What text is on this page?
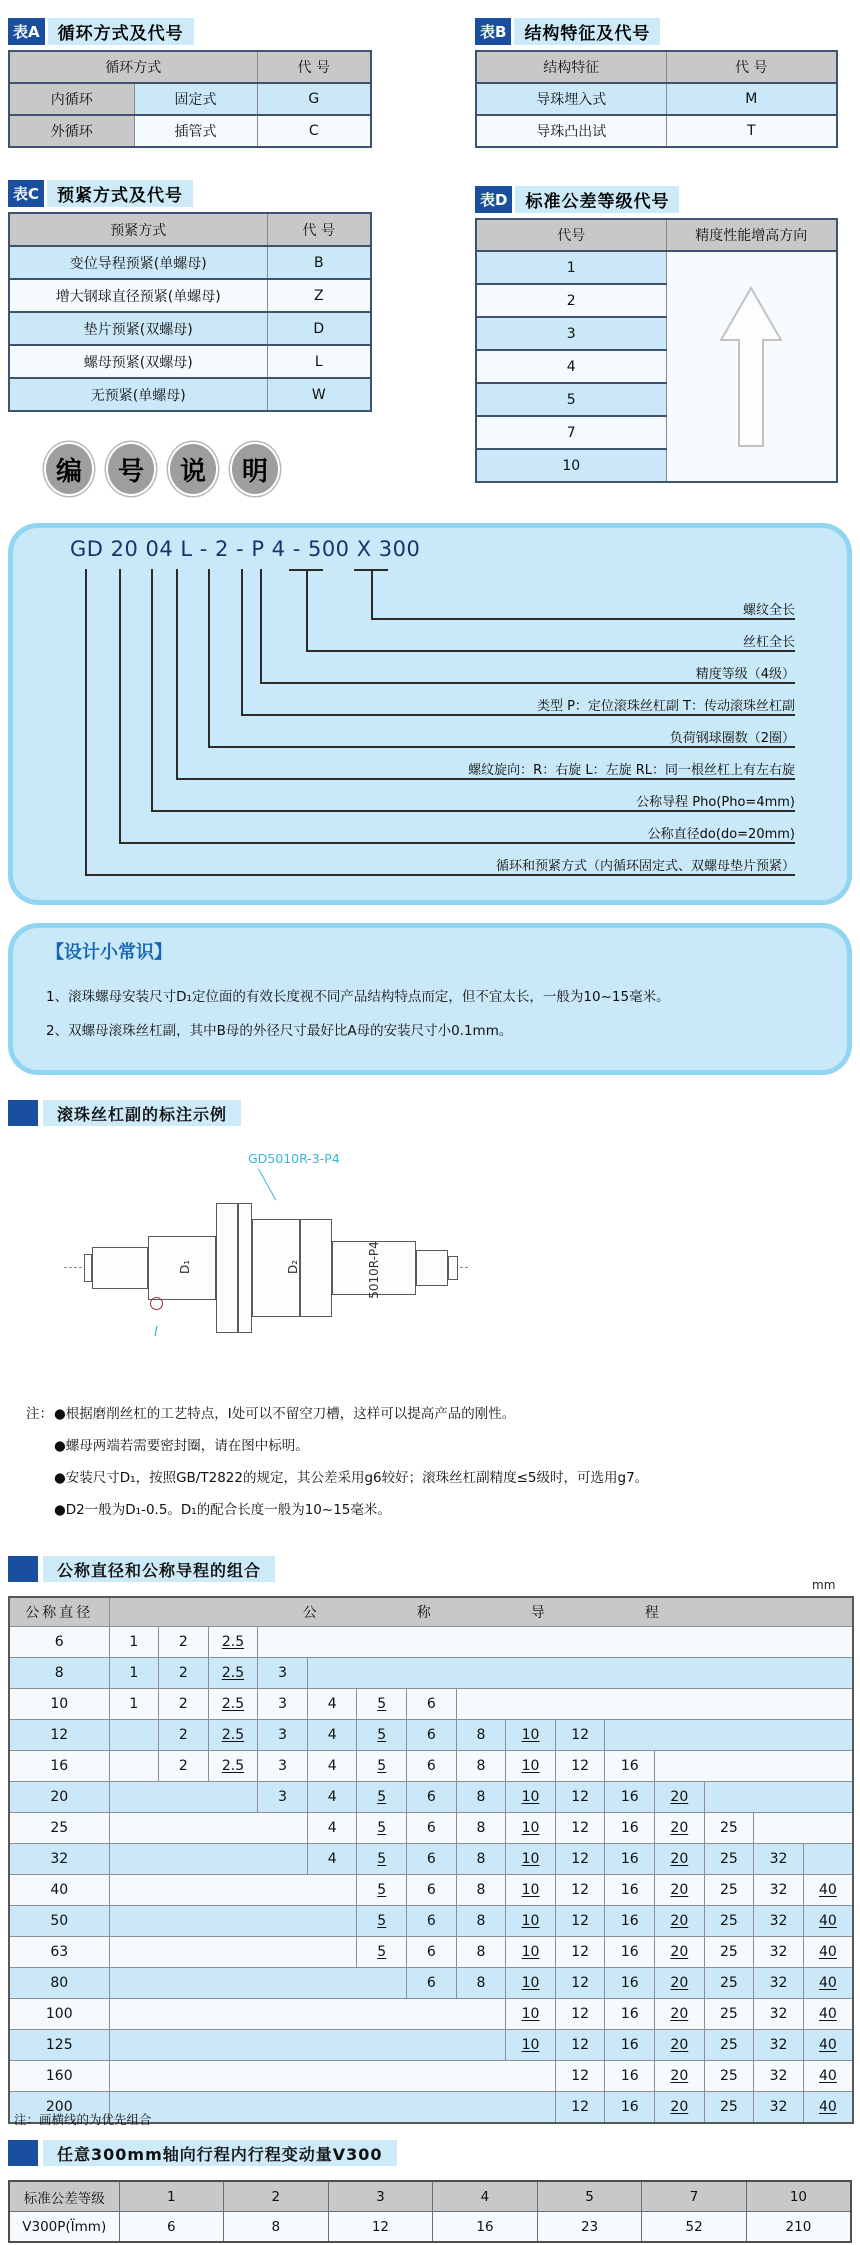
表A	循环方式及代号
循环方式		代 号
内循环	固定式	G
外循环	插管式	C
表B	结构特征及代号
结构特征	代 号
导珠埋入式	M
导珠凸出试	T
表C	预紧方式及代号
预紧方式	代 号
变位导程预紧(单螺母)	B
增大钢球直径预紧(单螺母)	Z
垫片预紧(双螺母)	D
螺母预紧(双螺母)	L
无预紧(单螺母)	W
表D	标准公差等级代号
代号	精度性能增高方向
1	

2	
3	
4	
5	
7	
10	
编	号	说	明
GD 20 04 L - 2 - P 4 - 500 X 300
螺纹全长
丝杠全长
精度等级（4级）
类型 P：定位滚珠丝杠副 T：传动滚珠丝杠副
负荷钢球圈数（2圈）
螺纹旋向：R：右旋 L：左旋 RL：同一根丝杠上有左右旋
公称导程 Pho(Pho=4mm)
公称直径do(do=20mm)
循环和预紧方式（内循环固定式、双螺母垫片预紧）
【设计小常识】
1、滚珠螺母安装尺寸D₁定位面的有效长度视不同产品结构特点而定，但不宜太长，一般为10~15毫米。
2、双螺母滚珠丝杠副，其中B母的外径尺寸最好比A母的安装尺寸小0.1mm。
滚珠丝杠副的标注示例
GD5010R-3-P4
D₁	D₂	5010R-P4
I
注： ●根据磨削丝杠的工艺特点，I处可以不留空刀槽，这样可以提高产品的刚性。
●螺母两端若需要密封圈，请在图中标明。
●安装尺寸D₁，按照GB/T2822的规定，其公差采用g6较好；滚珠丝杠副精度≤5级时，可选用g7。
●D2一般为D₁-0.5。D₁的配合长度一般为10~15毫米。
公称直径和公称导程的组合
mm
公称直径	公 称 导 程														

6	1	2	2.5												
8	1	2	2.5	3											
10	1	2	2.5	3	4	5	6								
12		2	2.5	3	4	5	6	8	10	12					
16		2	2.5	3	4	5	6	8	10	12	16				
20				3	4	5	6	8	10	12	16	20			
25					4	5	6	8	10	12	16	20	25		
32					4	5	6	8	10	12	16	20	25	32	
40						5	6	8	10	12	16	20	25	32	40
50						5	6	8	10	12	16	20	25	32	40
63						5	6	8	10	12	16	20	25	32	40
80							6	8	10	12	16	20	25	32	40
100									10	12	16	20	25	32	40
125									10	12	16	20	25	32	40
160										12	16	20	25	32	40
200										12	16	20	25	32	40
注：画横线的为优先组合
任意300mm轴向行程内行程变动量V300
标准公差等级	1	2	3	4	5	7	10
V300P(Ïmm)	6	8	12	16	23	52	210
